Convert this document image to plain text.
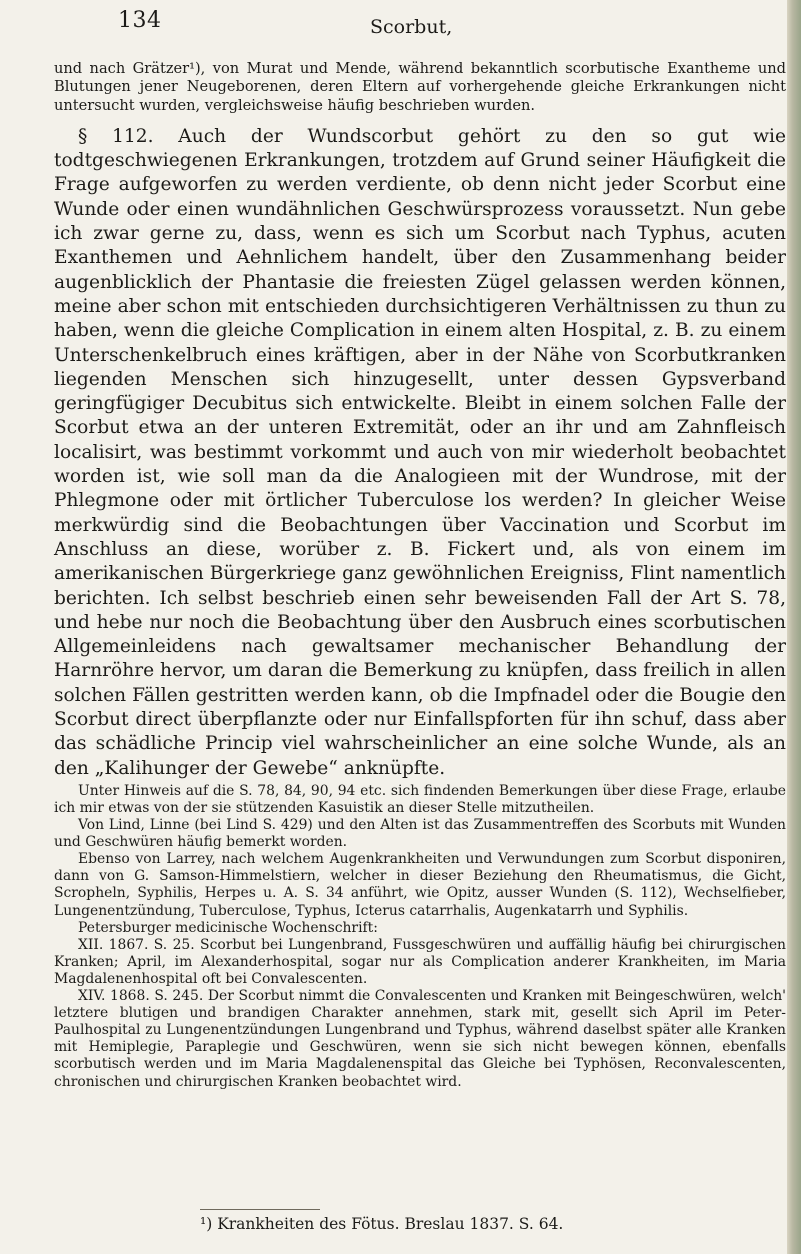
134	Scorbut,

und nach Grätzer¹), von Murat und Mende, während bekanntlich scorbutische Exantheme und Blutungen jener Neugeborenen, deren Eltern auf vorhergehende gleiche Erkrankungen nicht untersucht wurden, vergleichsweise häufig beschrieben wurden.

§ 112. Auch der Wundscorbut gehört zu den so gut wie todtgeschwiegenen Erkrankungen, trotzdem auf Grund seiner Häufigkeit die Frage aufgeworfen zu werden verdiente, ob denn nicht jeder Scorbut eine Wunde oder einen wundähnlichen Geschwürsprozess voraussetzt. Nun gebe ich zwar gerne zu, dass, wenn es sich um Scorbut nach Typhus, acuten Exanthemen und Aehnlichem handelt, über den Zusammenhang beider augenblicklich der Phantasie die freiesten Zügel gelassen werden können, meine aber schon mit entschieden durchsichtigeren Verhältnissen zu thun zu haben, wenn die gleiche Complication in einem alten Hospital, z. B. zu einem Unterschenkelbruch eines kräftigen, aber in der Nähe von Scorbutkranken liegenden Menschen sich hinzugesellt, unter dessen Gypsverband geringfügiger Decubitus sich entwickelte. Bleibt in einem solchen Falle der Scorbut etwa an der unteren Extremität, oder an ihr und am Zahnfleisch localisirt, was bestimmt vorkommt und auch von mir wiederholt beobachtet worden ist, wie soll man da die Analogieen mit der Wundrose, mit der Phlegmone oder mit örtlicher Tuberculose los werden? In gleicher Weise merkwürdig sind die Beobachtungen über Vaccination und Scorbut im Anschluss an diese, worüber z. B. Fickert und, als von einem im amerikanischen Bürgerkriege ganz gewöhnlichen Ereigniss, Flint namentlich berichten. Ich selbst beschrieb einen sehr beweisenden Fall der Art S. 78, und hebe nur noch die Beobachtung über den Ausbruch eines scorbutischen Allgemeinleidens nach gewaltsamer mechanischer Behandlung der Harnröhre hervor, um daran die Bemerkung zu knüpfen, dass freilich in allen solchen Fällen gestritten werden kann, ob die Impfnadel oder die Bougie den Scorbut direct überpflanzte oder nur Einfallspforten für ihn schuf, dass aber das schädliche Princip viel wahrscheinlicher an eine solche Wunde, als an den „Kalihunger der Gewebe“ anknüpfte.

Unter Hinweis auf die S. 78, 84, 90, 94 etc. sich findenden Bemerkungen über diese Frage, erlaube ich mir etwas von der sie stützenden Kasuistik an dieser Stelle mitzutheilen.

Von Lind, Linne (bei Lind S. 429) und den Alten ist das Zusammentreffen des Scorbuts mit Wunden und Geschwüren häufig bemerkt worden.

Ebenso von Larrey, nach welchem Augenkrankheiten und Verwundungen zum Scorbut disponiren, dann von G. Samson-Himmelstiern, welcher in dieser Beziehung den Rheumatismus, die Gicht, Scropheln, Syphilis, Herpes u. A. S. 34 anführt, wie Opitz, ausser Wunden (S. 112), Wechselfieber, Lungenentzündung, Tuberculose, Typhus, Icterus catarrhalis, Augenkatarrh und Syphilis.

Petersburger medicinische Wochenschrift:

XII. 1867. S. 25. Scorbut bei Lungenbrand, Fussgeschwüren und auffällig häufig bei chirurgischen Kranken; April, im Alexanderhospital, sogar nur als Complication anderer Krankheiten, im Maria Magdalenenhospital oft bei Convalescenten.

XIV. 1868. S. 245. Der Scorbut nimmt die Convalescenten und Kranken mit Beingeschwüren, welch' letztere blutigen und brandigen Charakter annehmen, stark mit, gesellt sich April im Peter-Paulhospital zu Lungenentzündungen Lungenbrand und Typhus, während daselbst später alle Kranken mit Hemiplegie, Paraplegie und Geschwüren, wenn sie sich nicht bewegen können, ebenfalls scorbutisch werden und im Maria Magdalenenspital das Gleiche bei Typhösen, Reconvalescenten, chronischen und chirurgischen Kranken beobachtet wird.

¹) Krankheiten des Fötus. Breslau 1837. S. 64.
